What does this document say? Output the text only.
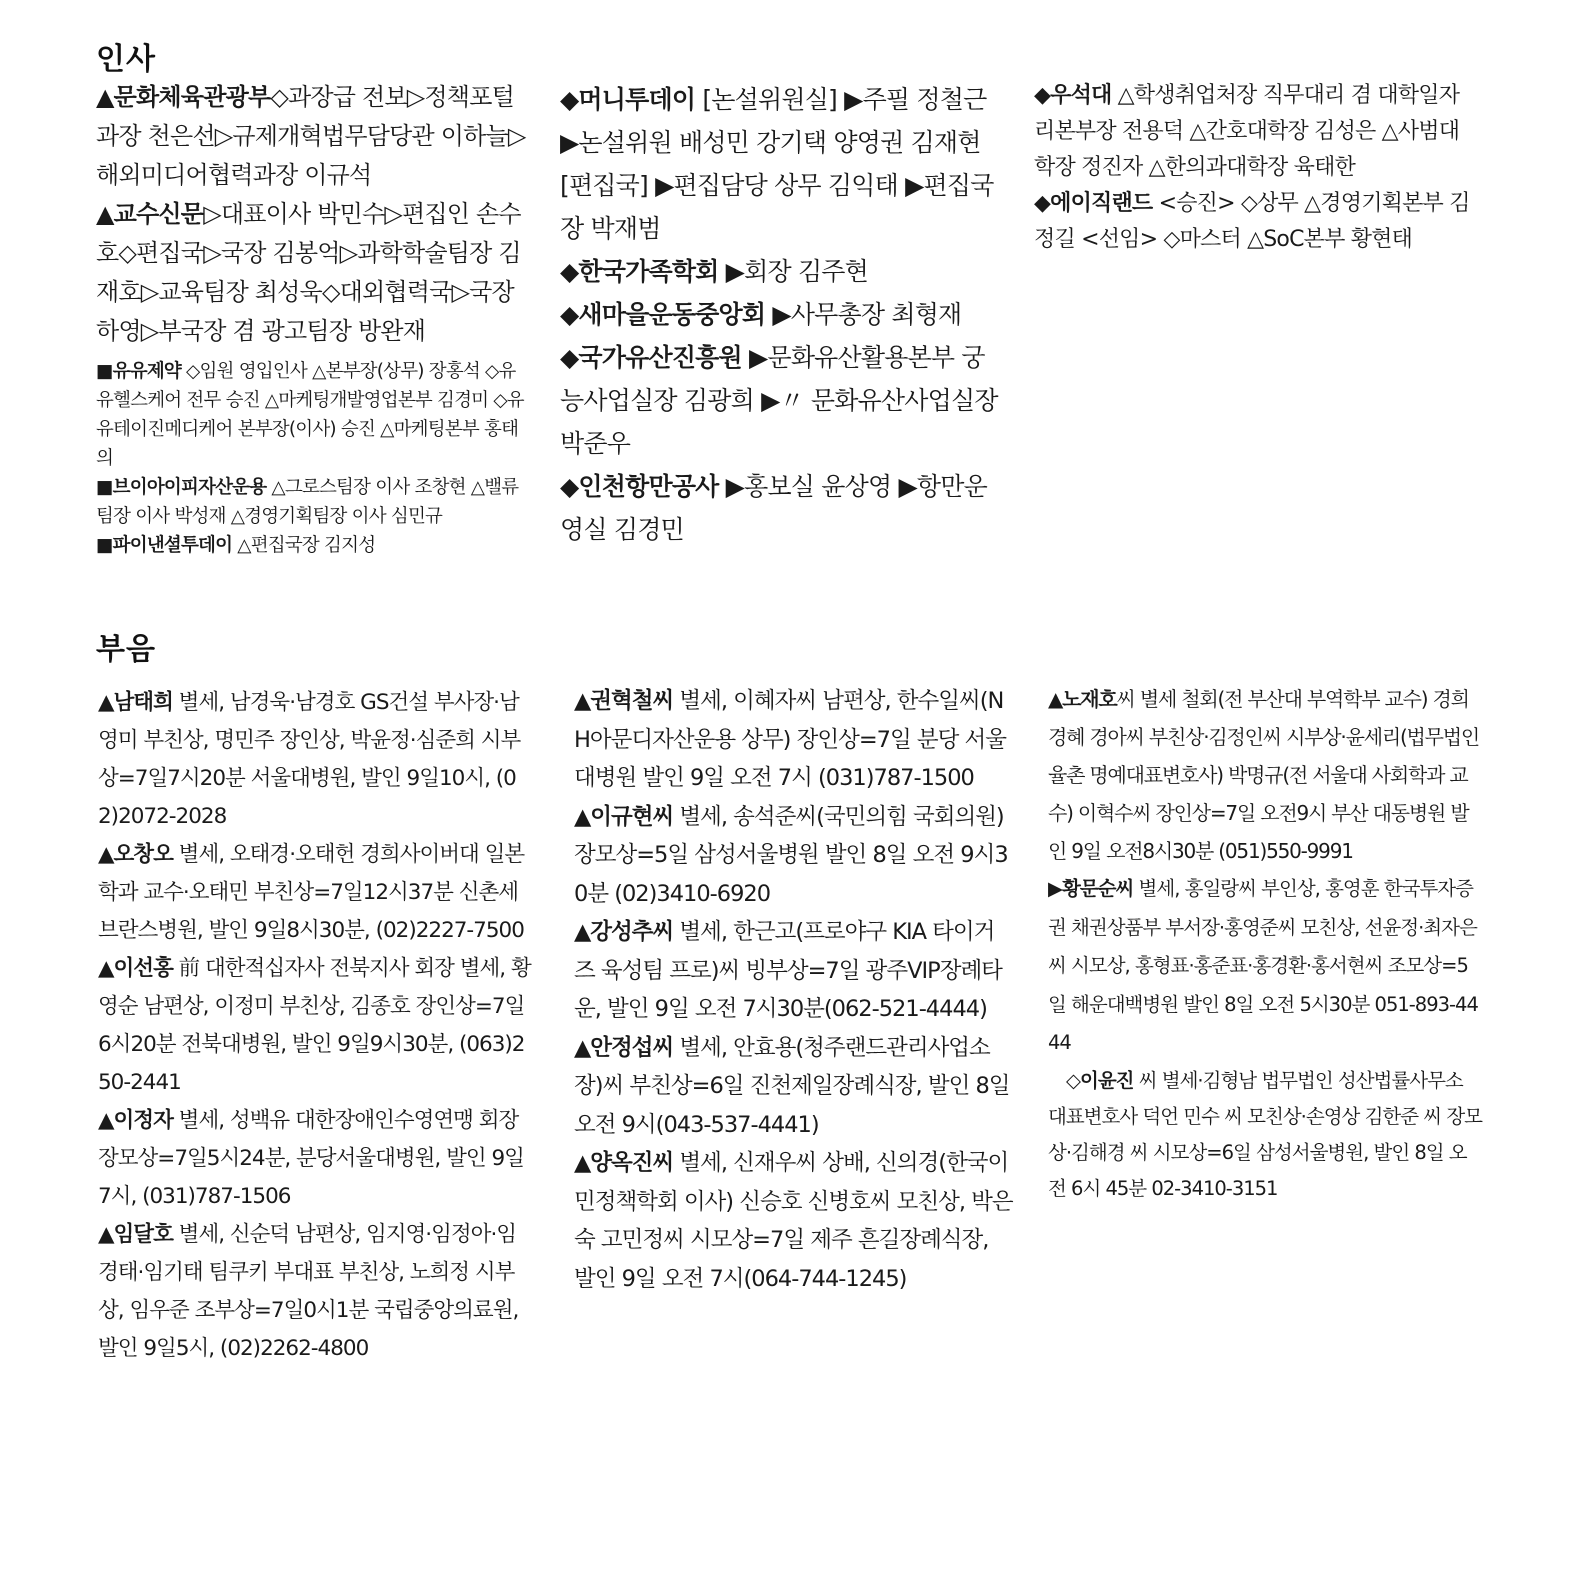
인사

▲문화체육관광부◇과장급 전보▷정책포털과장 천은선▷규제개혁법무담당관 이하늘▷해외미디어협력과장 이규석

▲교수신문▷대표이사 박민수▷편집인 손수호◇편집국▷국장 김봉억▷과학학술팀장 김재호▷교육팀장 최성욱◇대외협력국▷국장 하영▷부국장 겸 광고팀장 방완재

■유유제약 ◇임원 영입인사 △본부장(상무) 장홍석 ◇유유헬스케어 전무 승진 △마케팅개발영업본부 김경미 ◇유유테이진메디케어 본부장(이사) 승진 △마케팅본부 홍태의

■브이아이피자산운용 △그로스팀장 이사 조창현 △밸류팀장 이사 박성재 △경영기획팀장 이사 심민규

■파이낸셜투데이 △편집국장 김지성

◆머니투데이 [논설위원실] ▶주필 정철근 ▶논설위원 배성민 강기택 양영권 김재현 [편집국] ▶편집담당 상무 김익태 ▶편집국장 박재범

◆한국가족학회 ▶회장 김주현

◆새마을운동중앙회 ▶사무총장 최형재

◆국가유산진흥원 ▶문화유산활용본부 궁능사업실장 김광희 ▶〃 문화유산사업실장 박준우

◆인천항만공사 ▶홍보실 윤상영 ▶항만운영실 김경민

◆우석대 △학생취업처장 직무대리 겸 대학일자리본부장 전용덕 △간호대학장 김성은 △사범대학장 정진자 △한의과대학장 육태한

◆에이직랜드 <승진> ◇상무 △경영기획본부 김정길 <선임> ◇마스터 △SoC본부 황현태

부음

▲남태희 별세, 남경욱·남경호 GS건설 부사장·남영미 부친상, 명민주 장인상, 박윤정·심준희 시부상=7일7시20분 서울대병원, 발인 9일10시, (02)2072-2028

▲오창오 별세, 오태경·오태헌 경희사이버대 일본학과 교수·오태민 부친상=7일12시37분 신촌세브란스병원, 발인 9일8시30분, (02)2227-7500

▲이선홍 前 대한적십자사 전북지사 회장 별세, 황영순 남편상, 이정미 부친상, 김종호 장인상=7일6시20분 전북대병원, 발인 9일9시30분, (063)250-2441

▲이정자 별세, 성백유 대한장애인수영연맹 회장 장모상=7일5시24분, 분당서울대병원, 발인 9일7시, (031)787-1506

▲임달호 별세, 신순덕 남편상, 임지영·임정아·임경태·임기태 팀쿠키 부대표 부친상, 노희정 시부상, 임우준 조부상=7일0시1분 국립중앙의료원, 발인 9일5시, (02)2262-4800

▲권혁철씨 별세, 이혜자씨 남편상, 한수일씨(NH아문디자산운용 상무) 장인상=7일 분당 서울대병원 발인 9일 오전 7시 (031)787-1500

▲이규현씨 별세, 송석준씨(국민의힘 국회의원) 장모상=5일 삼성서울병원 발인 8일 오전 9시30분 (02)3410-6920

▲강성추씨 별세, 한근고(프로야구 KIA 타이거즈 육성팀 프로)씨 빙부상=7일 광주VIP장례타운, 발인 9일 오전 7시30분(062-521-4444)

▲안정섭씨 별세, 안효용(청주랜드관리사업소장)씨 부친상=6일 진천제일장례식장, 발인 8일 오전 9시(043-537-4441)

▲양옥진씨 별세, 신재우씨 상배, 신의경(한국이민정책학회 이사) 신승호 신병호씨 모친상, 박은숙 고민정씨 시모상=7일 제주 흔길장례식장, 발인 9일 오전 7시(064-744-1245)

▲노재호씨 별세 철회(전 부산대 부역학부 교수) 경희 경혜 경아씨 부친상·김정인씨 시부상·윤세리(법무법인 율촌 명예대표변호사) 박명규(전 서울대 사회학과 교수) 이혁수씨 장인상=7일 오전9시 부산 대동병원 발인 9일 오전8시30분 (051)550-9991

▶황문순씨 별세, 홍일랑씨 부인상, 홍영훈 한국투자증권 채권상품부 부서장·홍영준씨 모친상, 선윤정·최자은씨 시모상, 홍형표·홍준표·홍경환·홍서현씨 조모상=5일 해운대백병원 발인 8일 오전 5시30분 051-893-4444

◇이윤진 씨 별세·김형남 법무법인 성산법률사무소 대표변호사 덕언 민수 씨 모친상·손영상 김한준 씨 장모상·김해경 씨 시모상=6일 삼성서울병원, 발인 8일 오전 6시 45분 02-3410-3151
